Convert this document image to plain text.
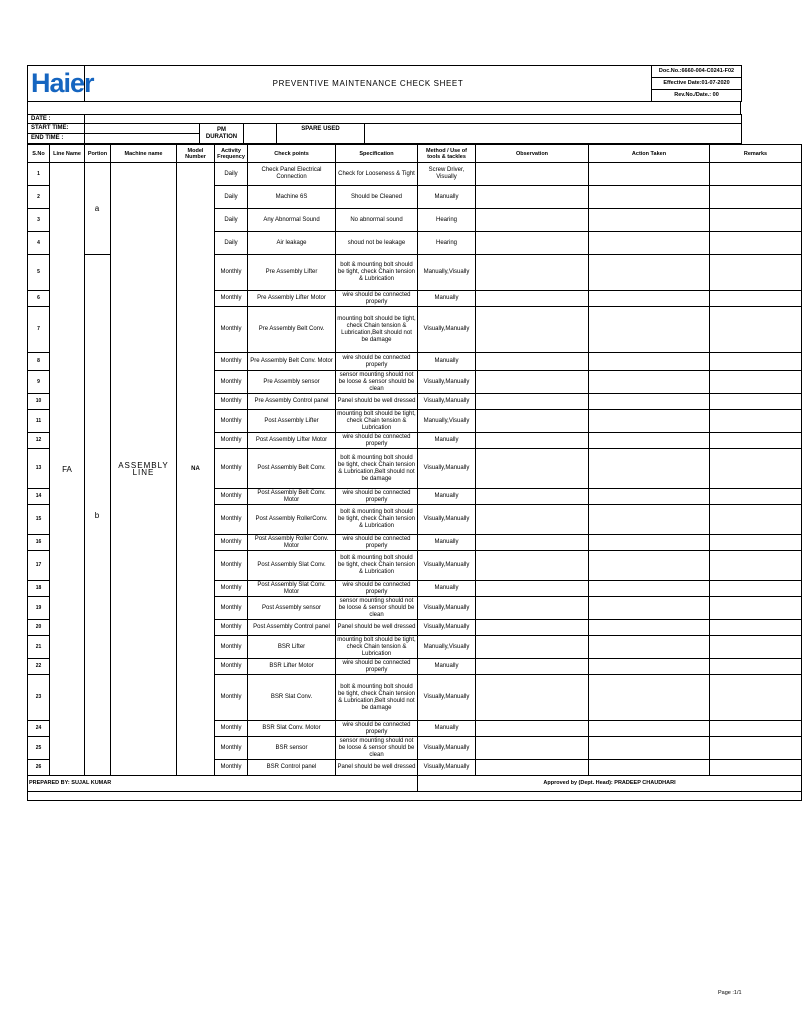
Haier	PREVENTIVE MAINTENANCE CHECK SHEET	Doc.No.:6660-004-C0241-F02
Effective Date:01-07-2020
Rev.No./Date.: 00
DATE :					
START TIME:		PM DURATION		SPARE USED	
END TIME :					
S.No	Line Name	Portion	Machine name	Model Number	Activity Frequency	Check points	Specification	Method / Use of tools & tackles	Observation	Action Taken	Remarks
1	FA	a	ASSEMBLY LINE	NA	Daily	Check Panel Electrical Connection	Check for Looseness & Tight	Screw Driver, Visually			
2					Daily	Machine 6S	Should be Cleaned	Manually			
3					Daily	Any Abnormal Sound	No abnormal sound	Hearing			
4					Daily	Air leakage	shoud not be leakage	Hearing			
5		b			Monthly	Pre Assembly Lifter	bolt & mounting bolt should be tight, check Chain tension & Lubrication	Manually,Visually			
6					Monthly	Pre Assembly Lifter Motor	wire should be connected properly	Manually			
7					Monthly	Pre Assembly Belt Conv.	mounting bolt should be tight, check Chain tension & Lubrication,Belt should not be damage	Visually,Manually			
8					Monthly	Pre Assembly Belt Conv. Motor	wire should be connected properly	Manually			
9					Monthly	Pre Assembly sensor	sensor mounting should not be loose & sensor should be clean	Visually,Manually			
10					Monthly	Pre Assembly Control panel	Panel should be well dressed	Visually,Manually			
11					Monthly	Post Assembly Lifter	mounting bolt should be tight, check Chain tension & Lubrication	Manually,Visually			
12					Monthly	Post Assembly Lifter Motor	wire should be connected properly	Manually			
13					Monthly	Post Assembly Belt Conv.	bolt & mounting bolt should be tight, check Chain tension & Lubrication,Belt should not be damage	Visually,Manually			
14					Monthly	Post Assembly Belt Conv. Motor	wire should be connected properly	Manually			
15					Monthly	Post Assembly RollerConv.	bolt & mounting bolt should be tight, check Chain tension & Lubrication	Visually,Manually			
16					Monthly	Post Assembly Roller Conv. Motor	wire should be connected properly	Manually			
17					Monthly	Post Assembly Slat Conv.	bolt & mounting bolt should be tight, check Chain tension & Lubrication	Visually,Manually			
18					Monthly	Post Assembly Slat Conv. Motor	wire should be connected properly	Manually			
19					Monthly	Post Assembly sensor	sensor mounting should not be loose & sensor should be clean	Visually,Manually			
20					Monthly	Post Assembly Control panel	Panel should be well dressed	Visually,Manually			
21					Monthly	BSR Lifter	mounting bolt should be tight, check Chain tension & Lubrication	Manually,Visually			
22					Monthly	BSR Lifter Motor	wire should be connected properly	Manually			
23					Monthly	BSR Slat Conv.	bolt & mounting bolt should be tight, check Chain tension & Lubrication,Belt should not be damage	Visually,Manually			
24					Monthly	BSR Slat Conv. Motor	wire should be connected properly	Manually			
25					Monthly	BSR sensor	sensor mounting should not be loose & sensor should be clean	Visually,Manually			
26					Monthly	BSR Control panel	Panel should be well dressed	Visually,Manually			
PREPARED BY: SUJAL KUMAR								Approved by (Dept. Head): PRADEEP CHAUDHARI			

Page :1/1
